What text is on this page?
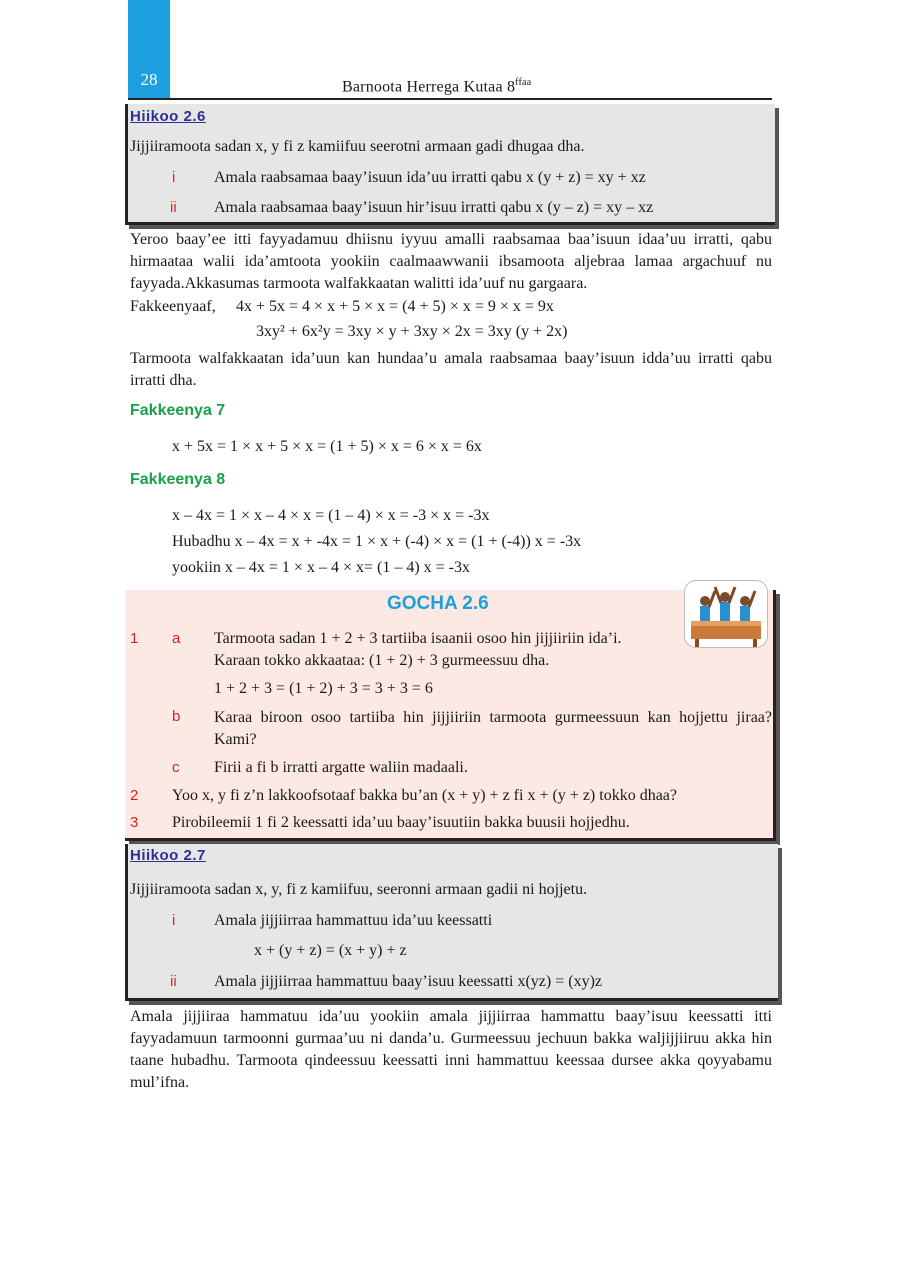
28	Barnoota Herrega Kutaa $8^{ffaa}$
Hiikoo 2.6
Jijjiiramoota sadan x, y fi z kamiifuu seerotni armaan gadi dhugaa dha.
i Amala raabsamaa baay’isuun ida’uu irratti qabu x (y + z) = xy + xz
ii Amala raabsamaa baay’isuun hir’isuu irratti qabu x (y – z) = xy – xz
Yeroo baay’ee itti fayyadamuu dhiisnu iyyuu amalli raabsamaa baa’isuun idaa’uu irratti, qabu hirmaataa walii ida’amtoota yookiin caalmaawwanii ibsamoota aljebraa lamaa argachuuf nu fayyada.Akkasumas tarmoota walfakkaatan walitti ida’uuf nu gargaara.
Fakkeenyaaf, 4x + 5x = 4 × x + 5 × x = (4 + 5) × x = 9 × x = 9x
3xy² + 6x²y = 3xy × y + 3xy × 2x = 3xy (y + 2x)
Tarmoota walfakkaatan ida’uun kan hundaa’u amala raabsamaa baay’isuun idda’uu irratti qabu irratti dha.
Fakkeenya 7
x + 5x = 1 × x + 5 × x = (1 + 5) × x = 6 × x = 6x
Fakkeenya 8
x – 4x = 1 × x – 4 × x = (1 – 4) × x = -3 × x = -3x
Hubadhu x – 4x = x + -4x = 1 × x + (-4) × x = (1 + (-4)) x = -3x
yookiin x – 4x = 1 × x – 4 × x= (1 – 4) x = -3x
GOCHA 2.6
1 a Tarmoota sadan 1 + 2 + 3 tartiiba isaanii osoo hin jijjiiriin ida’i.
Karaan tokko akkaataa: (1 + 2) + 3 gurmeessuu dha.
1 + 2 + 3 = (1 + 2) + 3 = 3 + 3 = 6
b Karaa biroon osoo tartiiba hin jijjiiriin tarmoota gurmeessuun kan hojjettu jiraa? Kami?
c Firii a fi b irratti argatte waliin madaali.
2 Yoo x, y fi z’n lakkoofsotaaf bakka bu’an (x + y) + z fi x + (y + z) tokko dhaa?
3 Pirobileemii 1 fi 2 keessatti ida’uu baay’isuutiin bakka buusii hojjedhu.
Hiikoo 2.7
Jijjiiramoota sadan x, y, fi z kamiifuu, seeronni armaan gadii ni hojjetu.
i Amala jijjiirraa hammattuu ida’uu keessatti
x + (y + z) = (x + y) + z
ii Amala jijjiirraa hammattuu baay’isuu keessatti x(yz) = (xy)z
Amala jijjiiraa hammatuu ida’uu yookiin amala jijjiirraa hammattu baay’isuu keessatti itti fayyadamuun tarmoonni gurmaa’uu ni danda’u. Gurmeessuu jechuun bakka waljijjiiruu akka hin taane hubadhu. Tarmoota qindeessuu keessatti inni hammattuu keessaa dursee akka qoyyabamu mul’ifna.
